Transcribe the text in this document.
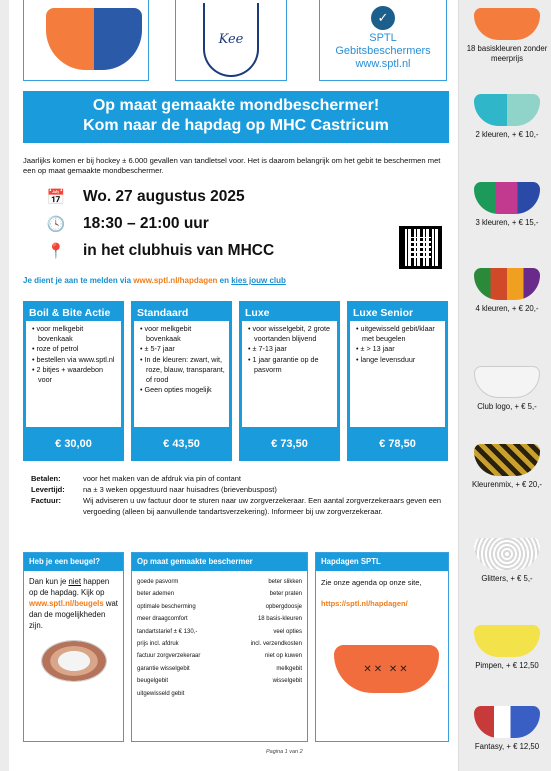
Kee
✓
SPTL
Gebitsbeschermers
www.sptl.nl
Op maat gemaakte mondbeschermer!
Kom naar de hapdag op MHC Castricum
Jaarlijks komen er bij hockey ± 6.000 gevallen van tandletsel voor. Het is daarom belangrijk om het gebit te beschermen met een op maat gemaakte mondbeschermer.
📅 Wo. 27 augustus 2025
🕓 18:30 – 21:00 uur
📍 in het clubhuis van MHCC
Je dient je aan te melden via www.sptl.nl/hapdagen en kies jouw club
Boil & Bite Actie
• voor melkgebit bovenkaak
• roze of petrol
• bestellen via www.sptl.nl
• 2 bitjes + waardebon voor
€ 30,00
Standaard
• voor melkgebit bovenkaak
• ± 5-7 jaar
• In de kleuren: zwart, wit, roze, blauw, transparant, of rood
• Geen opties mogelijk
€ 43,50
Luxe
• voor wisselgebit, 2 grote voortanden blijvend
• ± 7-13 jaar
• 1 jaar garantie op de pasvorm
€ 73,50
Luxe Senior
• uitgewisseld gebit/klaar met beugelen
• ± > 13 jaar
• lange levensduur
€ 78,50
Betalen:	voor het maken van de afdruk via pin of contant
Levertijd:	na ± 3 weken opgestuurd naar huisadres (brievenbuspost)
Factuur:	Wij adviseren u uw factuur door te sturen naar uw zorgverzekeraar. Een aantal zorgverzekeraars geven een vergoeding (alleen bij aanvullende tandartsverzekering). Informeer bij uw zorgverzekeraar.
Heb je een beugel?
Dan kun je niet happen op de hapdag. Kijk op
www.sptl.nl/beugels wat dan de mogelijkheden zijn.
Op maat gemaakte beschermer
goede pasvorm	beter slikken
beter ademen	beter praten
optimale bescherming	opbergdoosje
meer draagcomfort	18 basis-kleuren
tandartstarief ± € 130,-	veel opties
prijs incl. afdruk	incl. verzendkosten
factuur zorgverzekeraar	niet op kuwen
garantie wisselgebit	melkgebit
beugelgebit	wisselgebit
uitgewisseld gebit
Hapdagen SPTL
Zie onze agenda op onze site,
https://sptl.nl/hapdagen/
✕✕ ✕✕
Pagina 1 van 2
18 basiskleuren zonder meerprijs
2 kleuren, + € 10,-
3 kleuren, + € 15,-
4 kleuren, + € 20,-
Club logo, + € 5,-
Kleurenmix, + € 20,-
Glitters, + € 5,-
Pimpen, + € 12,50
Fantasy, + € 12,50
